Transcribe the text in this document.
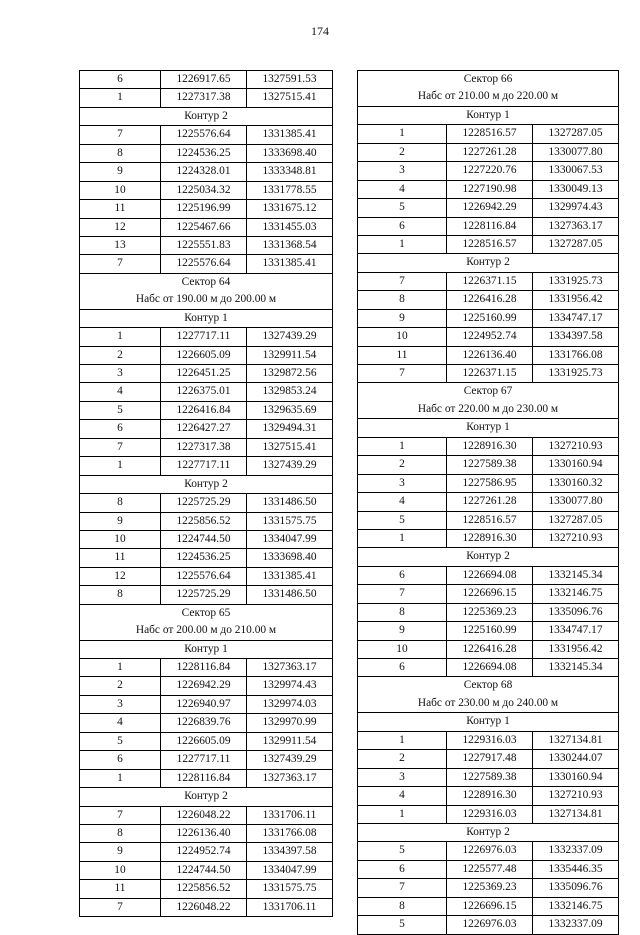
174
6	1226917.65	1327591.53
1	1227317.38	1327515.41
Контур 2		
7	1225576.64	1331385.41
8	1224536.25	1333698.40
9	1224328.01	1333348.81
10	1225034.32	1331778.55
11	1225196.99	1331675.12
12	1225467.66	1331455.03
13	1225551.83	1331368.54
7	1225576.64	1331385.41
Сектор 64		
Набс от 190.00 м до 200.00 м		
Контур 1		
1	1227717.11	1327439.29
2	1226605.09	1329911.54
3	1226451.25	1329872.56
4	1226375.01	1329853.24
5	1226416.84	1329635.69
6	1226427.27	1329494.31
7	1227317.38	1327515.41
1	1227717.11	1327439.29
Контур 2		
8	1225725.29	1331486.50
9	1225856.52	1331575.75
10	1224744.50	1334047.99
11	1224536.25	1333698.40
12	1225576.64	1331385.41
8	1225725.29	1331486.50
Сектор 65		
Набс от 200.00 м до 210.00 м		
Контур 1		
1	1228116.84	1327363.17
2	1226942.29	1329974.43
3	1226940.97	1329974.03
4	1226839.76	1329970.99
5	1226605.09	1329911.54
6	1227717.11	1327439.29
1	1228116.84	1327363.17
Контур 2		
7	1226048.22	1331706.11
8	1226136.40	1331766.08
9	1224952.74	1334397.58
10	1224744.50	1334047.99
11	1225856.52	1331575.75
7	1226048.22	1331706.11
Сектор 66		
Набс от 210.00 м до 220.00 м		
Контур 1		
1	1228516.57	1327287.05
2	1227261.28	1330077.80
3	1227220.76	1330067.53
4	1227190.98	1330049.13
5	1226942.29	1329974.43
6	1228116.84	1327363.17
1	1228516.57	1327287.05
Контур 2		
7	1226371.15	1331925.73
8	1226416.28	1331956.42
9	1225160.99	1334747.17
10	1224952.74	1334397.58
11	1226136.40	1331766.08
7	1226371.15	1331925.73
Сектор 67		
Набс от 220.00 м до 230.00 м		
Контур 1		
1	1228916.30	1327210.93
2	1227589.38	1330160.94
3	1227586.95	1330160.32
4	1227261.28	1330077.80
5	1228516.57	1327287.05
1	1228916.30	1327210.93
Контур 2		
6	1226694.08	1332145.34
7	1226696.15	1332146.75
8	1225369.23	1335096.76
9	1225160.99	1334747.17
10	1226416.28	1331956.42
6	1226694.08	1332145.34
Сектор 68		
Набс от 230.00 м до 240.00 м		
Контур 1		
1	1229316.03	1327134.81
2	1227917.48	1330244.07
3	1227589.38	1330160.94
4	1228916.30	1327210.93
1	1229316.03	1327134.81
Контур 2		
5	1226976.03	1332337.09
6	1225577.48	1335446.35
7	1225369.23	1335096.76
8	1226696.15	1332146.75
5	1226976.03	1332337.09
